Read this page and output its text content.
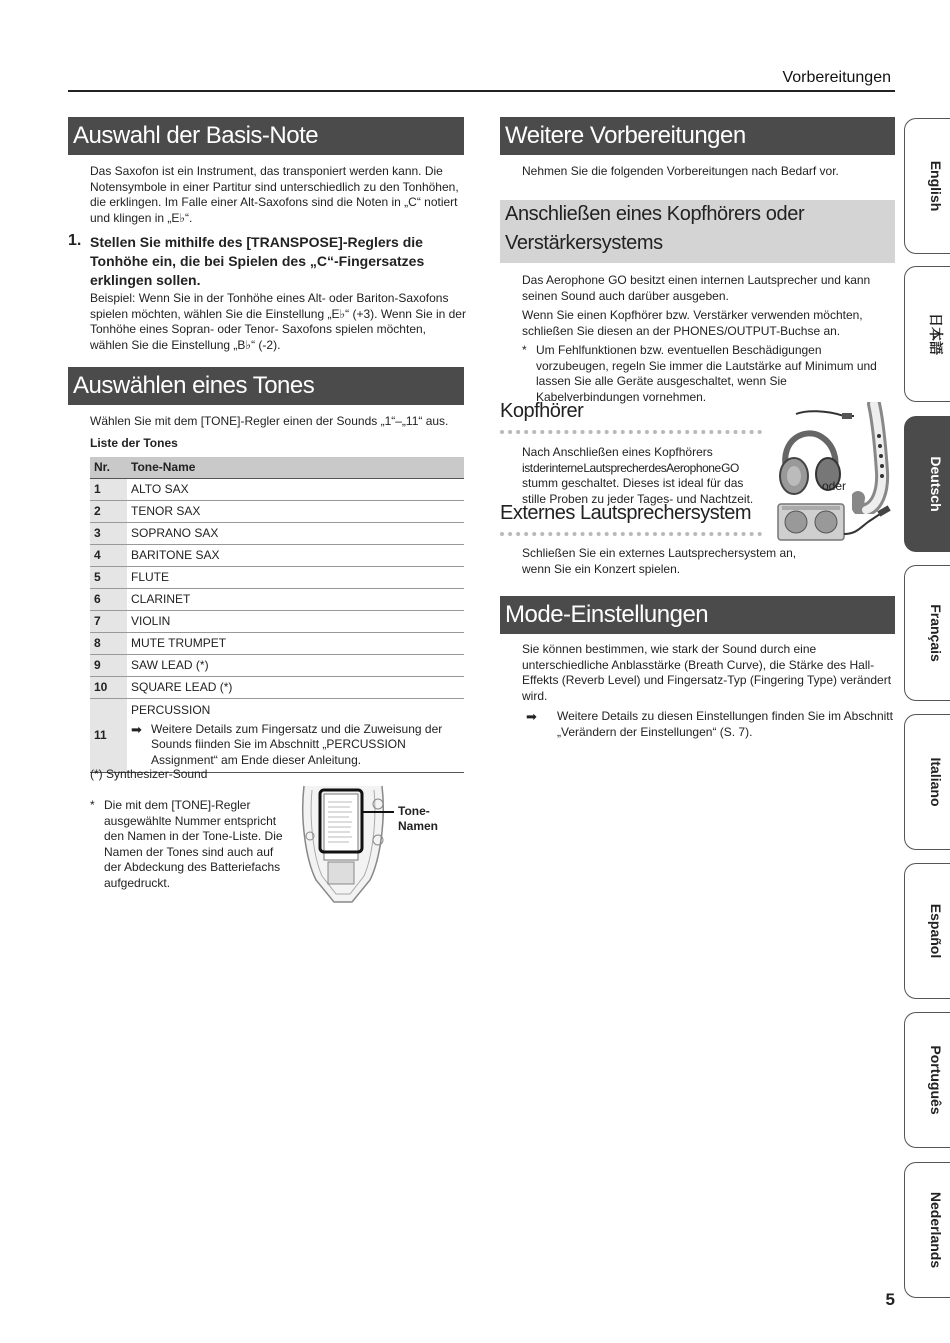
Vorbereitungen
Auswahl der Basis-Note

Das Saxofon ist ein Instrument, das transponiert werden kann. Die Notensymbole in einer Partitur sind unterschiedlich zu den Tonhöhen, die erklingen. Im Falle einer Alt-Saxofons sind die Noten in „C“ notiert und klingen in „E♭“.

1. Stellen Sie mithilfe des [TRANSPOSE]-Reglers die Tonhöhe ein, die bei Spielen des „C“-Fingersatzes erklingen sollen.

Beispiel: Wenn Sie in der Tonhöhe eines Alt- oder Bariton-Saxofons spielen möchten, wählen Sie die Einstellung „E♭“ (+3). Wenn Sie in der Tonhöhe eines Sopran- oder Tenor- Saxofons spielen möchten, wählen Sie die Einstellung „B♭“ (-2).

Auswählen eines Tones

Wählen Sie mit dem [TONE]-Regler einen der Sounds „1“–„11“ aus.

Liste der Tones

Nr.	Tone-Name
1	ALTO SAX
2	TENOR SAX
3	SOPRANO SAX
4	BARITONE SAX
5	FLUTE
6	CLARINET
7	VIOLIN
8	MUTE TRUMPET
9	SAW LEAD (*)
10	SQUARE LEAD (*)
11	PERCUSSION
➡ Weitere Details zum Fingersatz und die Zuweisung der Sounds fiinden Sie im Abschnitt „PERCUSSION Assignment“ am Ende dieser Anleitung.

(*) Synthesizer-Sound

* Die mit dem [TONE]-Regler ausgewählte Nummer entspricht den Namen in der Tone-Liste. Die Namen der Tones sind auch auf der Abdeckung des Batteriefachs aufgedruckt.

Tone-
Namen
Weitere Vorbereitungen

Nehmen Sie die folgenden Vorbereitungen nach Bedarf vor.

Anschließen eines Kopfhörers oder
Verstärkersystems

Das Aerophone GO besitzt einen internen Lautsprecher und kann seinen Sound auch darüber ausgeben.

Wenn Sie einen Kopfhörer bzw. Verstärker verwenden möchten, schließen Sie diesen an der PHONES/OUTPUT-Buchse an.

* Um Fehlfunktionen bzw. eventuellen Beschädigungen vorzubeugen, regeln Sie immer die Lautstärke auf Minimum und lassen Sie alle Geräte ausgeschaltet, wenn Sie Kabelverbindungen vornehmen.

Kopfhörer
Nach Anschließen eines Kopfhörers
ist der interne Lautsprecher des Aerophone GO
stumm geschaltet. Dieses ist ideal für das
stille Proben zu jeder Tages- und Nachtzeit.
oder
Externes Lautsprechersystem

Schließen Sie ein externes Lautsprechersystem an, wenn Sie ein Konzert spielen.

Mode-Einstellungen

Sie können bestimmen, wie stark der Sound durch eine unterschiedliche Anblasstärke (Breath Curve), die Stärke des Hall-Effekts (Reverb Level) und Fingersatz-Typ (Fingering Type) verändert wird.

➡ Weitere Details zu diesen Einstellungen finden Sie im Abschnitt „Verändern der Einstellungen“ (S. 7).

English
日本語
Deutsch
Français
Italiano
Español
Português
Nederlands
5
